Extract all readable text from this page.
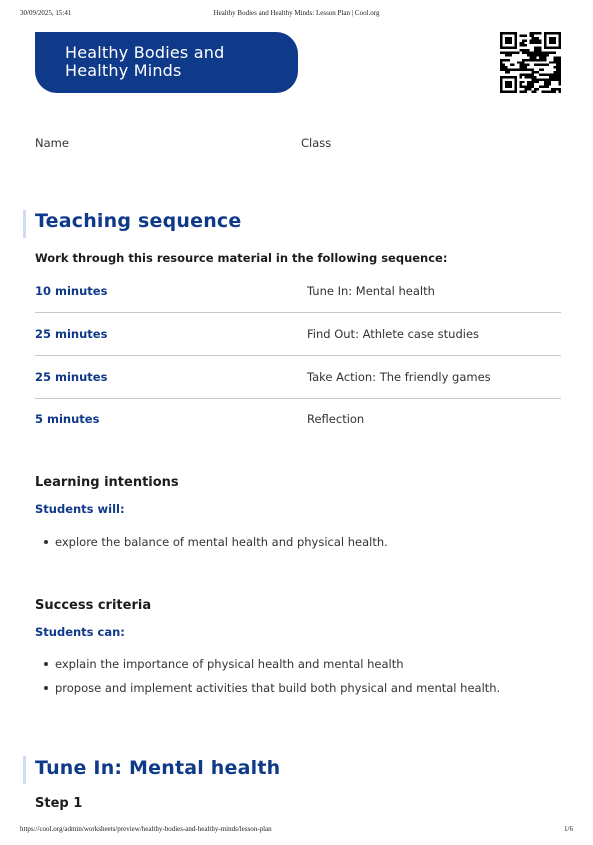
30/09/2025, 15:41	Healthy Bodies and Healthy Minds: Lesson Plan | Cool.org
Healthy Bodies and
Healthy Minds
Name	Class
Teaching sequence
Work through this resource material in the following sequence:
10 minutes	Tune In: Mental health
25 minutes	Find Out: Athlete case studies
25 minutes	Take Action: The friendly games
5 minutes	Reflection
Learning intentions
Students will:
explore the balance of mental health and physical health.
Success criteria
Students can:
explain the importance of physical health and mental health
propose and implement activities that build both physical and mental health.
Tune In: Mental health
Step 1
https://cool.org/admin/worksheets/preview/healthy-bodies-and-healthy-minds/lesson-plan	1/6
